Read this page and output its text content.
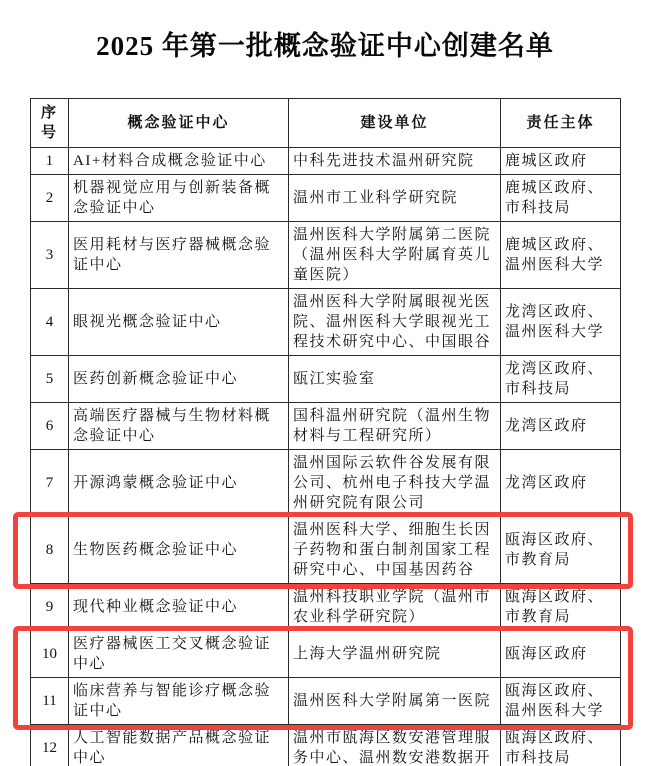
2025 年第一批概念验证中心创建名单
序号	概念验证中心	建设单位	责任主体
1	AI+材料合成概念验证中心	中科先进技术温州研究院	鹿城区政府
2	机器视觉应用与创新装备概念验证中心	温州市工业科学研究院	鹿城区政府、市科技局
3	医用耗材与医疗器械概念验证中心	温州医科大学附属第二医院（温州医科大学附属育英儿童医院）	鹿城区政府、温州医科大学
4	眼视光概念验证中心	温州医科大学附属眼视光医院、温州医科大学眼视光工程技术研究中心、中国眼谷	龙湾区政府、温州医科大学
5	医药创新概念验证中心	瓯江实验室	龙湾区政府、市科技局
6	高端医疗器械与生物材料概念验证中心	国科温州研究院（温州生物材料与工程研究所）	龙湾区政府
7	开源鸿蒙概念验证中心	温州国际云软件谷发展有限公司、杭州电子科技大学温州研究院有限公司	龙湾区政府
8	生物医药概念验证中心	温州医科大学、细胞生长因子药物和蛋白制剂国家工程研究中心、中国基因药谷	瓯海区政府、市教育局
9	现代种业概念验证中心	温州科技职业学院（温州市农业科学研究院）	瓯海区政府、市教育局
10	医疗器械医工交叉概念验证中心	上海大学温州研究院	瓯海区政府
11	临床营养与智能诊疗概念验证中心	温州医科大学附属第一医院	瓯海区政府、温州医科大学
12	人工智能数据产品概念验证中心	温州市瓯海区数安港管理服务中心、温州数安港数据开	瓯海区政府、市科技局
